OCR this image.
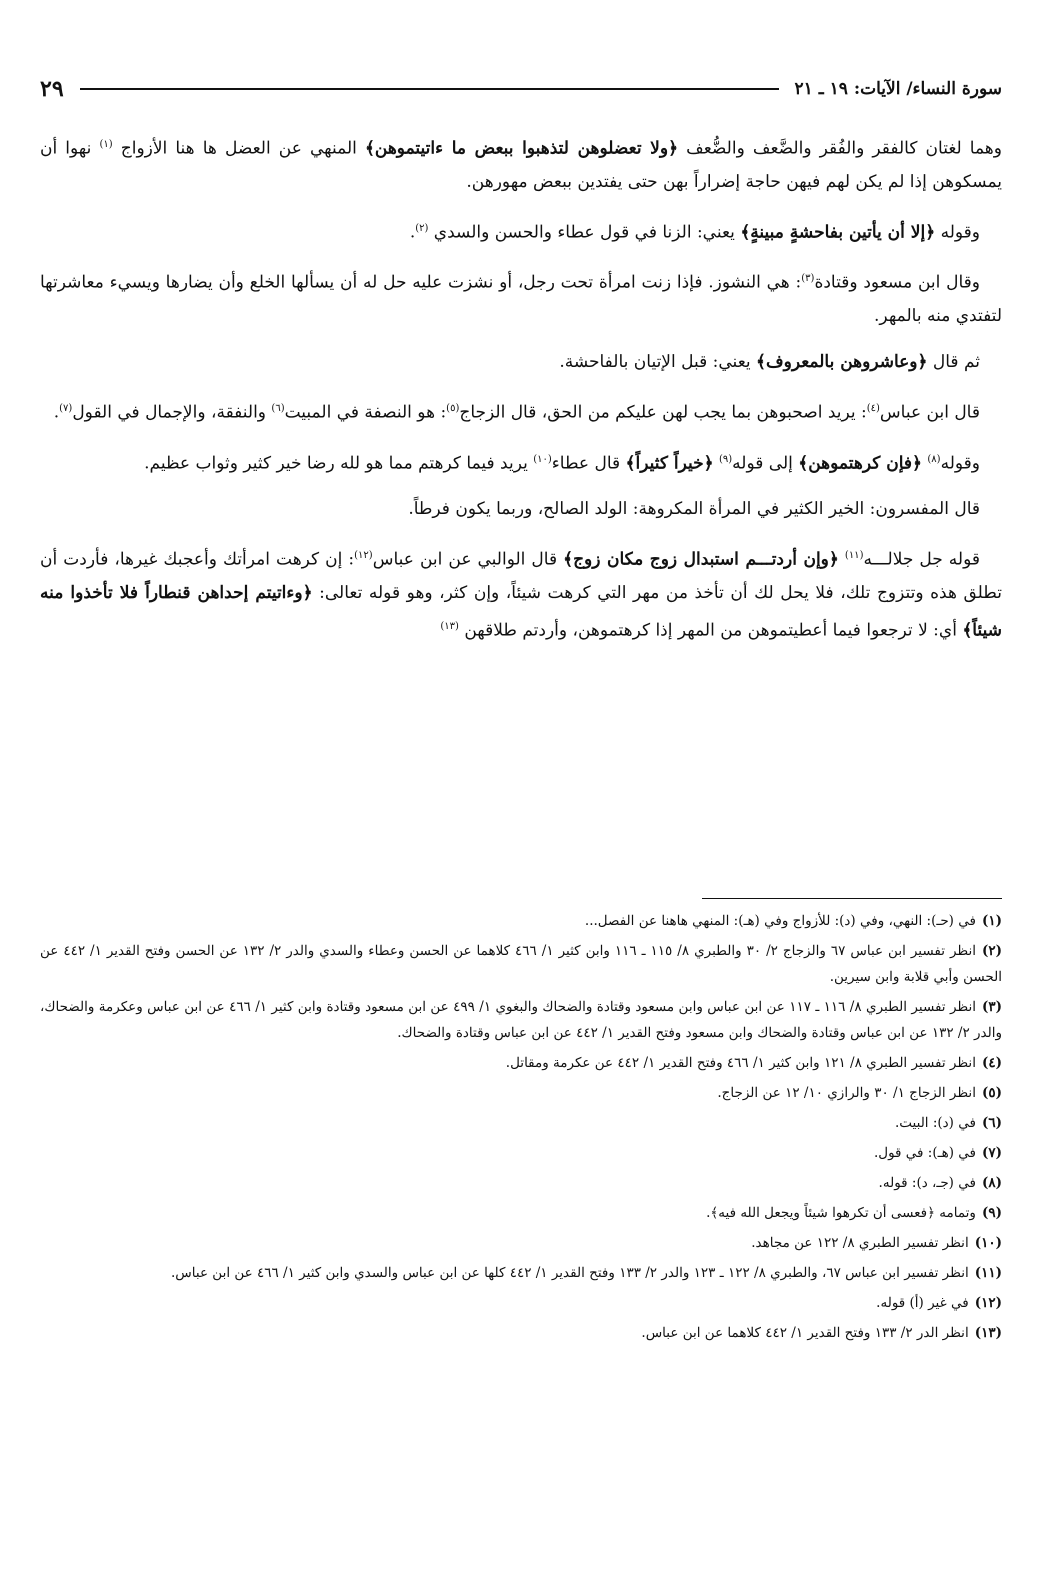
سورة النساء/ الآيات: ١٩ ـ ٢١
٢٩

وهما لغتان كالفقر والفُقر والضَّعف والضُّعف ﴿ولا تعضلوهن لتذهبوا ببعض ما ءاتيتموهن﴾ المنهي عن العضل ها هنا الأزواج $^{(١)}$ نهوا أن يمسكوهن إذا لم يكن لهم فيهن حاجة إضراراً بهن حتى يفتدين ببعض مهورهن.

وقوله ﴿إلا أن يأتين بفاحشةٍ مبينةٍ﴾ يعني: الزنا في قول عطاء والحسن والسدي $^{(٢)}$.

وقال ابن مسعود وقتادة$^{(٣)}$: هي النشوز. فإذا زنت امرأة تحت رجل، أو نشزت عليه حل له أن يسألها الخلع وأن يضارها ويسيء معاشرتها لتفتدي منه بالمهر.

ثم قال ﴿وعاشروهن بالمعروف﴾ يعني: قبل الإتيان بالفاحشة.

قال ابن عباس$^{(٤)}$: يريد اصحبوهن بما يجب لهن عليكم من الحق، قال الزجاج$^{(٥)}$: هو النصفة في المبيت$^{(٦)}$ والنفقة، والإجمال في القول$^{(٧)}$.

وقوله$^{(٨)}$ ﴿فإن كرهتموهن﴾ إلى قوله$^{(٩)}$ ﴿خيراً كثيراً﴾ قال عطاء$^{(١٠)}$ يريد فيما كرهتم مما هو لله رضا خير كثير وثواب عظيم.

قال المفسرون: الخير الكثير في المرأة المكروهة: الولد الصالح، وربما يكون فرطاً.

قوله جل جلالـــه$^{(١١)}$ ﴿وإن أردتـــم استبدال زوج مكان زوج﴾ قال الوالبي عن ابن عباس$^{(١٢)}$: إن كرهت امرأتك وأعجبك غيرها، فأردت أن تطلق هذه وتتزوج تلك، فلا يحل لك أن تأخذ من مهر التي كرهت شيئاً، وإن كثر، وهو قوله تعالى: ﴿وءاتيتم إحداهن قنطاراً فلا تأخذوا منه شيئاً﴾ أي: لا ترجعوا فيما أعطيتموهن من المهر إذا كرهتموهن، وأردتم طلاقهن $^{(١٣)}$

(١)في (حـ): النهي، وفي (د): للأزواج وفي (هـ): المنهي هاهنا عن الفصل...

(٢)انظر تفسير ابن عباس ٦٧ والزجاج ٢/ ٣٠ والطبري ٨/ ١١٥ ـ ١١٦ وابن كثير ١/ ٤٦٦ كلاهما عن الحسن وعطاء والسدي والدر ٢/ ١٣٢ عن الحسن وفتح القدير ١/ ٤٤٢ عن الحسن وأبي قلابة وابن سيرين.

(٣)انظر تفسير الطبري ٨/ ١١٦ ـ ١١٧ عن ابن عباس وابن مسعود وقتادة والضحاك والبغوي ١/ ٤٩٩ عن ابن مسعود وقتادة وابن كثير ١/ ٤٦٦ عن ابن عباس وعكرمة والضحاك، والدر ٢/ ١٣٢ عن ابن عباس وقتادة والضحاك وابن مسعود وفتح القدير ١/ ٤٤٢ عن ابن عباس وقتادة والضحاك.

(٤)انظر تفسير الطبري ٨/ ١٢١ وابن كثير ١/ ٤٦٦ وفتح القدير ١/ ٤٤٢ عن عكرمة ومقاتل.

(٥)انظر الزجاج ١/ ٣٠ والرازي ١٠/ ١٢ عن الزجاج.

(٦)في (د): البيت.

(٧)في (هـ): في قول.

(٨)في (جـ، د): قوله.

(٩)وتمامه ﴿فعسى أن تكرهوا شيئاً ويجعل الله فيه﴾.

(١٠)انظر تفسير الطبري ٨/ ١٢٢ عن مجاهد.

(١١)انظر تفسير ابن عباس ٦٧، والطبري ٨/ ١٢٢ ـ ١٢٣ والدر ٢/ ١٣٣ وفتح القدير ١/ ٤٤٢ كلها عن ابن عباس والسدي وابن كثير ١/ ٤٦٦ عن ابن عباس.

(١٢)في غير (أ) قوله.

(١٣)انظر الدر ٢/ ١٣٣ وفتح القدير ١/ ٤٤٢ كلاهما عن ابن عباس.
